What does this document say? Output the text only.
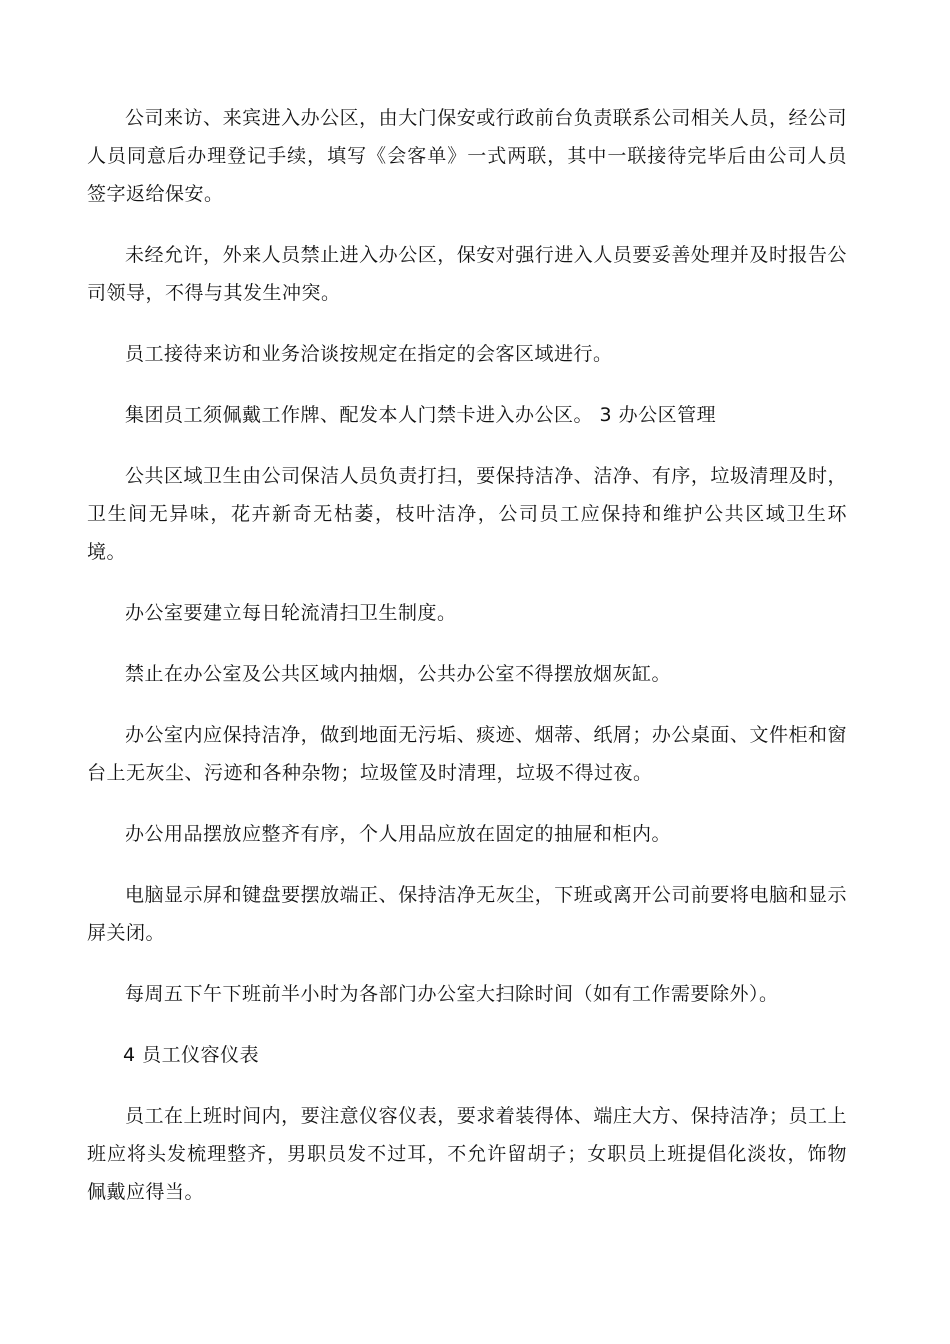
公司来访、来宾进入办公区，由大门保安或行政前台负责联系公司相关人员，经公司人员同意后办理登记手续，填写《会客单》一式两联，其中一联接待完毕后由公司人员签字返给保安。

未经允许，外来人员禁止进入办公区，保安对强行进入人员要妥善处理并及时报告公司领导，不得与其发生冲突。

员工接待来访和业务洽谈按规定在指定的会客区域进行。

集团员工须佩戴工作牌、配发本人门禁卡进入办公区。 3 办公区管理

公共区域卫生由公司保洁人员负责打扫，要保持洁净、洁净、有序，垃圾清理及时，卫生间无异味，花卉新奇无枯萎，枝叶洁净，公司员工应保持和维护公共区域卫生环境。

办公室要建立每日轮流清扫卫生制度。

禁止在办公室及公共区域内抽烟，公共办公室不得摆放烟灰缸。

办公室内应保持洁净，做到地面无污垢、痰迹、烟蒂、纸屑；办公桌面、文件柜和窗台上无灰尘、污迹和各种杂物；垃圾筐及时清理，垃圾不得过夜。

办公用品摆放应整齐有序，个人用品应放在固定的抽屉和柜内。

电脑显示屏和键盘要摆放端正、保持洁净无灰尘，下班或离开公司前要将电脑和显示屏关闭。

每周五下午下班前半小时为各部门办公室大扫除时间（如有工作需要除外）。

4 员工仪容仪表

员工在上班时间内，要注意仪容仪表，要求着装得体、端庄大方、保持洁净；员工上班应将头发梳理整齐，男职员发不过耳，不允许留胡子；女职员上班提倡化淡妆，饰物佩戴应得当。
